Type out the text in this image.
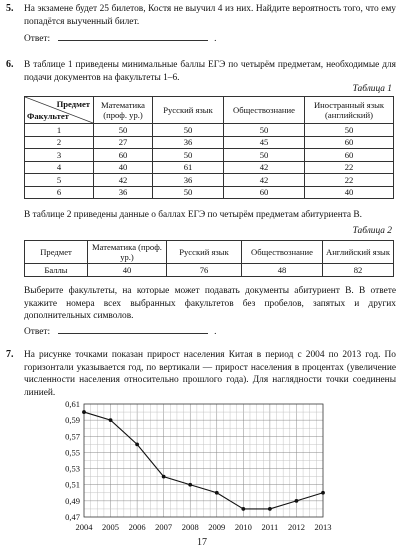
5. На экзамене будет 25 билетов, Костя не выучил 4 из них. Найдите вероятность того, что ему попадётся выученный билет.
Ответ:	.
6. В таблице 1 приведены минимальные баллы ЕГЭ по четырём предметам, необходимые для подачи документов на факультеты 1–6.
Таблица 1
Предмет
Факультет	Математика (проф. ур.)	Русский язык	Обществознание	Иностранный язык (английский)
1	50	50	50	50
2	27	36	45	60
3	60	50	50	60
4	40	61	42	22
5	42	36	42	22
6	36	50	60	40
В таблице 2 приведены данные о баллах ЕГЭ по четырём предметам абитуриента В.
Таблица 2
Предмет	Математика (проф. ур.)	Русский язык	Обществознание	Английский язык
Баллы	40	76	48	82
Выберите факультеты, на которые может подавать документы абитуриент В. В ответе укажите номера всех выбранных факультетов без пробелов, запятых и других дополнительных символов.
Ответ:	.
7. На рисунке точками показан прирост населения Китая в период с 2004 по 2013 год. По горизонтали указывается год, по вертикали — прирост населения в процентах (увеличение численности населения относительно прошлого года). Для наглядности точки соединены линией.
0,61
0,59
0,57
0,55
0,53
0,51
0,49
0,47
2004 2005 2006 2007 2008 2009 2010 2011 2012 2013
17
